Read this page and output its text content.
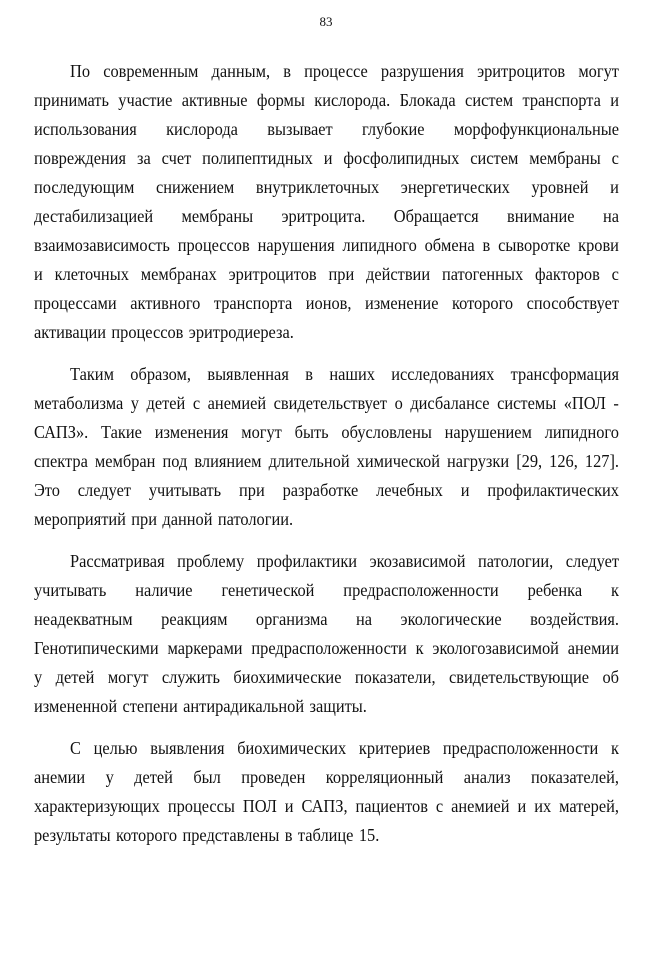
83
По современным данным, в процессе разрушения эритроцитов могут
принимать участие активные формы кислорода. Блокада систем транспорта и
использования кислорода вызывает глубокие морфофункциональные
повреждения за счет полипептидных и фосфолипидных систем мембраны с
последующим снижением внутриклеточных энергетических уровней и
дестабилизацией мембраны эритроцита. Обращается внимание на
взаимозависимость процессов нарушения липидного обмена в сыворотке крови
и клеточных мембранах эритроцитов при действии патогенных факторов с
процессами активного транспорта ионов, изменение которого способствует
активации процессов эритродиереза.
Таким образом, выявленная в наших исследованиях трансформация
метаболизма у детей с анемией свидетельствует о дисбалансе системы «ПОЛ -
САПЗ». Такие изменения могут быть обусловлены нарушением липидного
спектра мембран под влиянием длительной химической нагрузки [29, 126, 127].
Это следует учитывать при разработке лечебных и профилактических
мероприятий при данной патологии.
Рассматривая проблему профилактики экозависимой патологии, следует
учитывать наличие генетической предрасположенности ребенка к
неадекватным реакциям организма на экологические воздействия.
Генотипическими маркерами предрасположенности к экологозависимой анемии
у детей могут служить биохимические показатели, свидетельствующие об
измененной степени антирадикальной защиты.
С целью выявления биохимических критериев предрасположенности к
анемии у детей был проведен корреляционный анализ показателей,
характеризующих процессы ПОЛ и САПЗ, пациентов с анемией и их матерей,
результаты которого представлены в таблице 15.
